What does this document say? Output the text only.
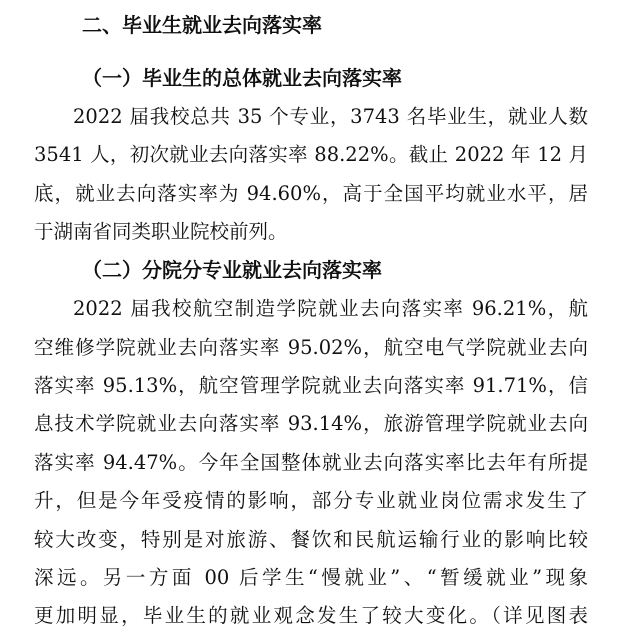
二、毕业生就业去向落实率
（一）毕业生的总体就业去向落实率
2022 届我校总共 35 个专业，3743 名毕业生，就业人数
3541 人，初次就业去向落实率 88.22%。截止 2022 年 12 月
底，就业去向落实率为 94.60%，高于全国平均就业水平，居
于湖南省同类职业院校前列。
（二）分院分专业就业去向落实率
2022 届我校航空制造学院就业去向落实率 96.21%，航
空维修学院就业去向落实率 95.02%，航空电气学院就业去向
落实率 95.13%，航空管理学院就业去向落实率 91.71%，信
息技术学院就业去向落实率 93.14%，旅游管理学院就业去向
落实率 94.47%。今年全国整体就业去向落实率比去年有所提
升，但是今年受疫情的影响，部分专业就业岗位需求发生了
较大改变，特别是对旅游、餐饮和民航运输行业的影响比较
深远。另一方面 00 后学生“慢就业”、“暂缓就业”现象
更加明显，毕业生的就业观念发生了较大变化。（详见图表
